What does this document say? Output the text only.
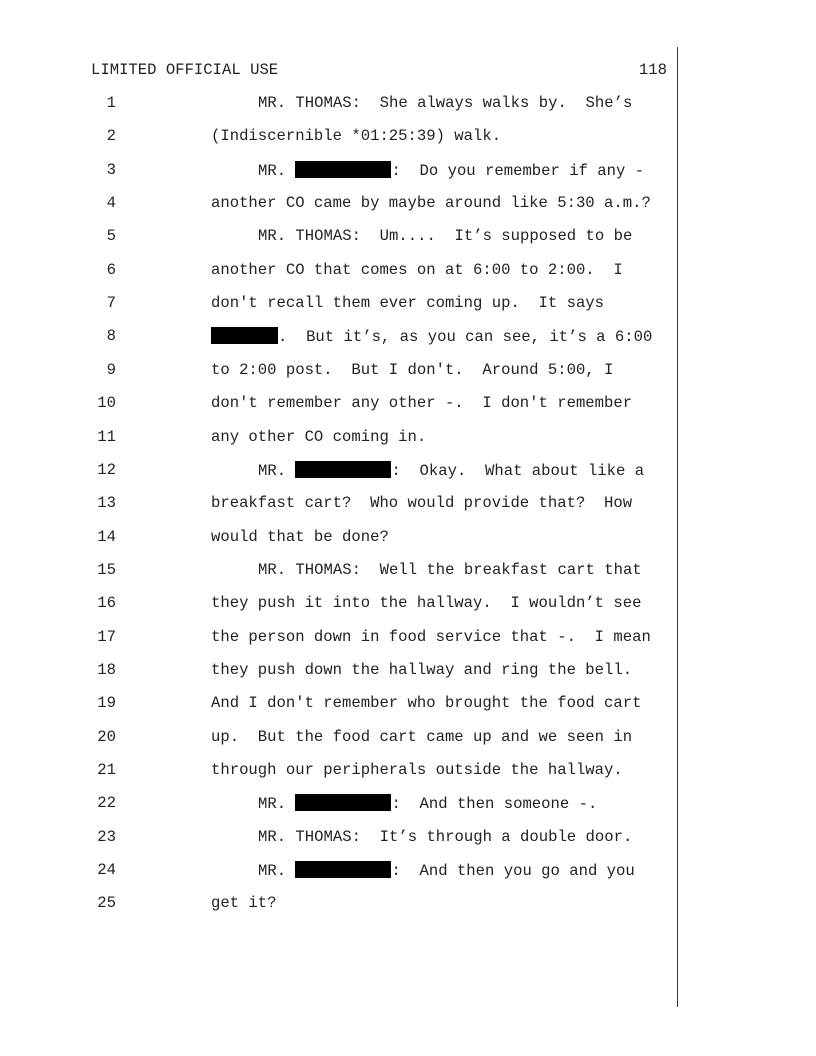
LIMITED OFFICIAL USE	118
1	MR. THOMAS:  She always walks by.  She’s
2	(Indiscernible *01:25:39) walk.
3	MR.	:  Do you remember if any -
4	another CO came by maybe around like 5:30 a.m.?
5	MR. THOMAS:  Um....  It’s supposed to be
6	another CO that comes on at 6:00 to 2:00.  I
7	don't recall them ever coming up.  It says
8	.  But it’s, as you can see, it’s a 6:00
9	to 2:00 post.  But I don't.  Around 5:00, I
10	don't remember any other -.  I don't remember
11	any other CO coming in.
12	MR.	:  Okay.  What about like a
13	breakfast cart?  Who would provide that?  How
14	would that be done?
15	MR. THOMAS:  Well the breakfast cart that
16	they push it into the hallway.  I wouldn’t see
17	the person down in food service that -.  I mean
18	they push down the hallway and ring the bell.
19	And I don't remember who brought the food cart
20	up.  But the food cart came up and we seen in
21	through our peripherals outside the hallway.
22	MR.	:  And then someone -.
23	MR. THOMAS:  It’s through a double door.
24	MR.	:  And then you go and you
25	get it?
